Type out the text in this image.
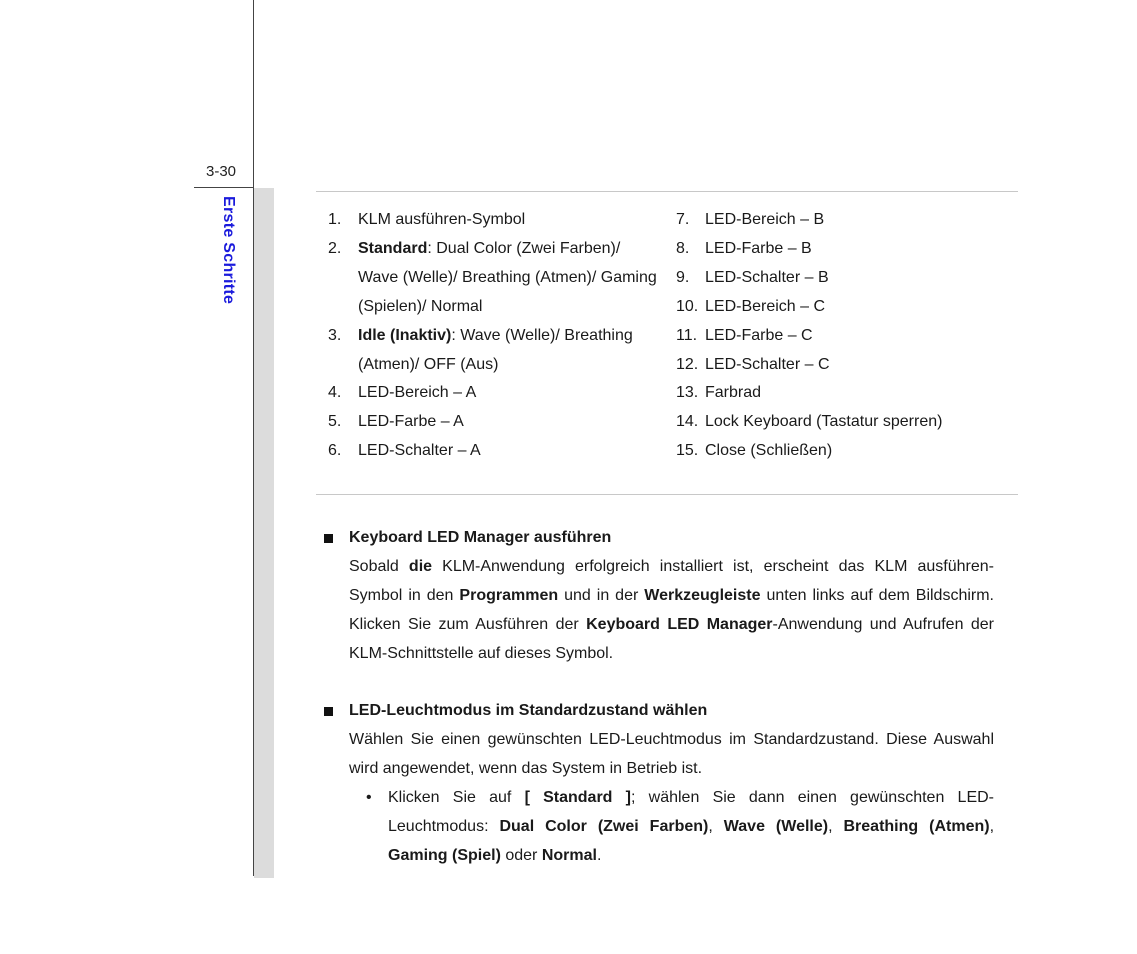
3-30
Erste Schritte	1.	KLM ausführen-Symbol
2.	Standard: Dual Color (Zwei Farben)/ Wave (Welle)/ Breathing (Atmen)/ Gaming (Spielen)/ Normal
3.	Idle (Inaktiv): Wave (Welle)/ Breathing (Atmen)/ OFF (Aus)
4.	LED-Bereich – A
5.	LED-Farbe – A
6.	LED-Schalter – A
7. LED-Bereich – B
8. LED-Farbe – B
9. LED-Schalter – B
10. LED-Bereich – C
11. LED-Farbe – C
12. LED-Schalter – C
13. Farbrad
14. Lock Keyboard (Tastatur sperren)
15. Close (Schließen)
Keyboard LED Manager ausführen
Sobald die KLM-Anwendung erfolgreich installiert ist, erscheint das KLM ausführen-Symbol in den Programmen und in der Werkzeugleiste unten links auf dem Bildschirm. Klicken Sie zum Ausführen der Keyboard LED Manager-Anwendung und Aufrufen der KLM-Schnittstelle auf dieses Symbol.
LED-Leuchtmodus im Standardzustand wählen
Wählen Sie einen gewünschten LED-Leuchtmodus im Standardzustand. Diese Auswahl wird angewendet, wenn das System in Betrieb ist.
• Klicken Sie auf [ Standard ]; wählen Sie dann einen gewünschten LED-Leuchtmodus: Dual Color (Zwei Farben), Wave (Welle), Breathing (Atmen), Gaming (Spiel) oder Normal.
